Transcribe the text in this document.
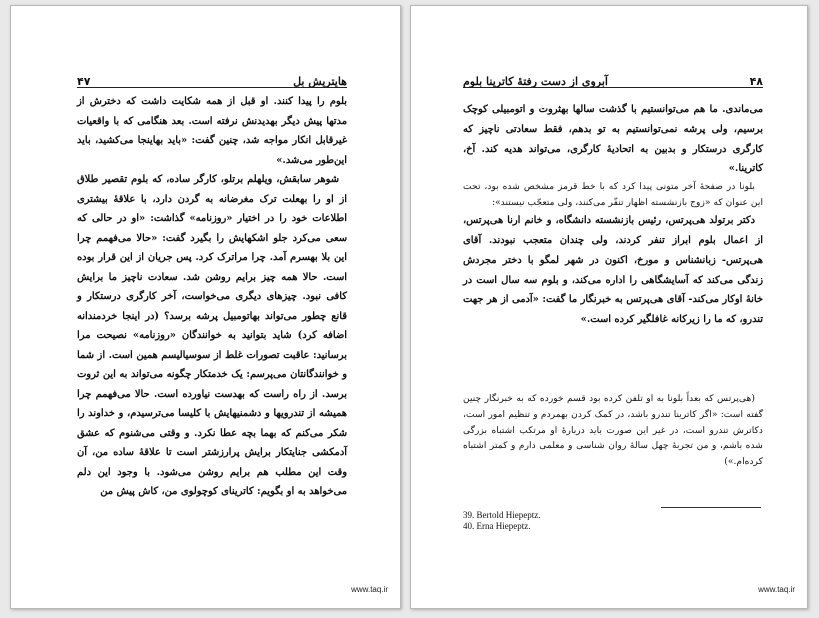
۴۷	هایتریش بل

بلوم را پیدا کنند. او قبل از همه شکایت داشت که دخترش از مدتها پیش دیگر بهدیدنش نرفته است. بعد هنگامی که با واقعیات غیرقابل انکار مواجه شد، چنین گفت: «باید بهاینجا می‌کشید، باید این‌طور می‌شد.»

شوهر سابقش، ویلهلم برتلو، کارگر ساده، که بلوم تقصیر طلاق از او را بهعلت ترک مغرضانه به گردن دارد، با علاقهٔ بیشتری اطلاعات خود را در اختیار «روزنامه» گذاشت: «او در حالی که سعی می‌کرد جلو اشکهایش را بگیرد گفت: «حالا می‌فهمم چرا این بلا بهسرم آمد. چرا مراترک کرد. پس جریان از این قرار بوده است. حالا همه چیز برایم روشن شد. سعادت ناچیز ما برایش کافی نبود. چیزهای دیگری می‌خواست، آخر کارگری درستکار و قانع چطور می‌تواند بهاتومبیل پرشه برسد؟ (در اینجا خردمندانه اضافه کرد) شاید بتوانید به خوانندگان «روزنامه» نصیحت مرا برسانید: عاقبت تصورات غلط از سوسیالیسم همین است. از شما و خوانندگانتان می‌پرسم: یک خدمتکار چگونه می‌تواند به این ثروت برسد. از راه راست که بهدست نیاورده است. حالا می‌فهمم چرا همیشه از تندرویها و دشمنیهایش با کلیسا می‌ترسیدم، و خداوند را شکر می‌کنم که بهما بچه عطا نکرد. و وقتی می‌شنوم که عشق آدمکشی جنایتکار برایش پرارزشتر است تا علاقهٔ ساده من، آن وقت این مطلب هم برایم روشن می‌شود. با وجود این دلم می‌خواهد به او بگویم: کاترینای کوچولوی من، کاش پیش من

www.taq.ir
آبروی از دست رفتهٔ کاترینا بلوم	۴۸

می‌ماندی. ما هم می‌توانستیم با گذشت سالها بهثروت و اتومبیلی کوچک برسیم، ولی پرشه نمی‌توانستیم به تو بدهم، فقط سعادتی ناچیز که کارگری درستکار و بدبین به اتحادیهٔ کارگری، می‌تواند هدیه کند. آخ، کاترینا.»

بلونا در صفحهٔ آخر متونی پیدا کرد که با خط قرمز مشخص شده بود، تحت این عنوان که «زوج بازنشسته اظهار تنفّر می‌کنند، ولی متعجّب نیستند»:

دکتر برتولد هی‌پرتس، رئیس بازنشسته دانشگاه، و خانم ارنا هی‌پرتس، از اعمال بلوم ابراز تنفر کردند، ولی چندان متعجب نبودند. آقای هی‌پرتس- زبانشناس و مورخ، اکنون در شهر لمگو با دختر مجردش زندگی می‌کند که آسایشگاهی را اداره می‌کند، و بلوم سه سال است در خانهٔ اوکار می‌کند- آقای هی‌پرتس به خبرنگار ما گفت: «آدمی از هر جهت تندرو، که ما را زیرکانه غافلگیر کرده است.»

(هی‌پرتس که بعداً بلونا به او تلفن کرده بود قسم خورده که به خبرنگار چنین گفته است: «اگر کاترینا تندرو باشد، در کمک کردن بهمردم و تنظیم امور است، دکاترش تندرو است، در غیر این صورت باید دربارهٔ او مرتکب اشتباه بزرگی شده باشم، و من تجربهٔ چهل سالهٔ روان شناسی و معلمی دارم و کمتر اشتباه کرده‌ام.»)

39. Bertold Hiepeptz.
40. Erna Hiepeptz.
www.taq.ir
